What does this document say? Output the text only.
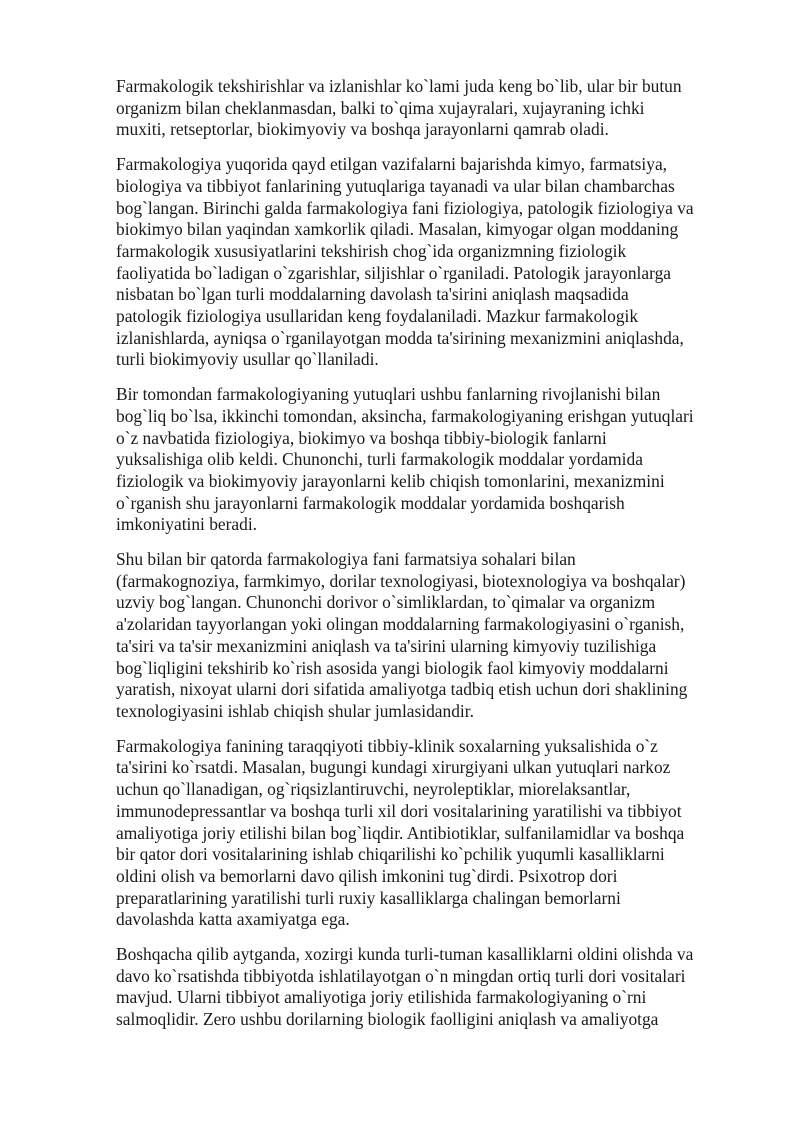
Farmakologik tekshirishlar va izlanishlar ko`lami juda keng bo`lib, ular bir butun
organizm bilan cheklanmasdan, balki to`qima xujayralari, xujayraning ichki
muxiti, retseptorlar, biokimyoviy va boshqa jarayonlarni qamrab oladi.

Farmakologiya yuqorida qayd etilgan vazifalarni bajarishda kimyo, farmatsiya,
biologiya va tibbiyot fanlarining yutuqlariga tayanadi va ular bilan chambarchas
bog`langan. Birinchi galda farmakologiya fani fiziologiya, patologik fiziologiya va
biokimyo bilan yaqindan xamkorlik qiladi. Masalan, kimyogar olgan moddaning
farmakologik xususiyatlarini tekshirish chog`ida organizmning fiziologik
faoliyatida bo`ladigan o`zgarishlar, siljishlar o`rganiladi. Patologik jarayonlarga
nisbatan bo`lgan turli moddalarning davolash ta'sirini aniqlash maqsadida
patologik fiziologiya usullaridan keng foydalaniladi. Mazkur farmakologik
izlanishlarda, ayniqsa o`rganilayotgan modda ta'sirining mexanizmini aniqlashda,
turli biokimyoviy usullar qo`llaniladi.

Bir tomondan farmakologiyaning yutuqlari ushbu fanlarning rivojlanishi bilan
bog`liq bo`lsa, ikkinchi tomondan, aksincha, farmakologiyaning erishgan yutuqlari
o`z navbatida fiziologiya, biokimyo va boshqa tibbiy-biologik fanlarni
yuksalishiga olib keldi. Chunonchi, turli farmakologik moddalar yordamida
fiziologik va biokimyoviy jarayonlarni kelib chiqish tomonlarini, mexanizmini
o`rganish shu jarayonlarni farmakologik moddalar yordamida boshqarish
imkoniyatini beradi.

Shu bilan bir qatorda farmakologiya fani farmatsiya sohalari bilan
(farmakognoziya, farmkimyo, dorilar texnologiyasi, biotexnologiya va boshqalar)
uzviy bog`langan. Chunonchi dorivor o`simliklardan, to`qimalar va organizm
a'zolaridan tayyorlangan yoki olingan moddalarning farmakologiyasini o`rganish,
ta'siri va ta'sir mexanizmini aniqlash va ta'sirini ularning kimyoviy tuzilishiga
bog`liqligini tekshirib ko`rish asosida yangi biologik faol kimyoviy moddalarni
yaratish, nixoyat ularni dori sifatida amaliyotga tadbiq etish uchun dori shaklining
texnologiyasini ishlab chiqish shular jumlasidandir.

Farmakologiya fanining taraqqiyoti tibbiy-klinik soxalarning yuksalishida o`z
ta'sirini ko`rsatdi. Masalan, bugungi kundagi xirurgiyani ulkan yutuqlari narkoz
uchun qo`llanadigan, og`riqsizlantiruvchi, neyroleptiklar, miorelaksantlar,
immunodepressantlar va boshqa turli xil dori vositalarining yaratilishi va tibbiyot
amaliyotiga joriy etilishi bilan bog`liqdir. Antibiotiklar, sulfanilamidlar va boshqa
bir qator dori vositalarining ishlab chiqarilishi ko`pchilik yuqumli kasalliklarni
oldini olish va bemorlarni davo qilish imkonini tug`dirdi. Psixotrop dori
preparatlarining yaratilishi turli ruxiy kasalliklarga chalingan bemorlarni
davolashda katta axamiyatga ega.

Boshqacha qilib aytganda, xozirgi kunda turli-tuman kasalliklarni oldini olishda va
davo ko`rsatishda tibbiyotda ishlatilayotgan o`n mingdan ortiq turli dori vositalari
mavjud. Ularni tibbiyot amaliyotiga joriy etilishida farmakologiyaning o`rni
salmoqlidir. Zero ushbu dorilarning biologik faolligini aniqlash va amaliyotga
